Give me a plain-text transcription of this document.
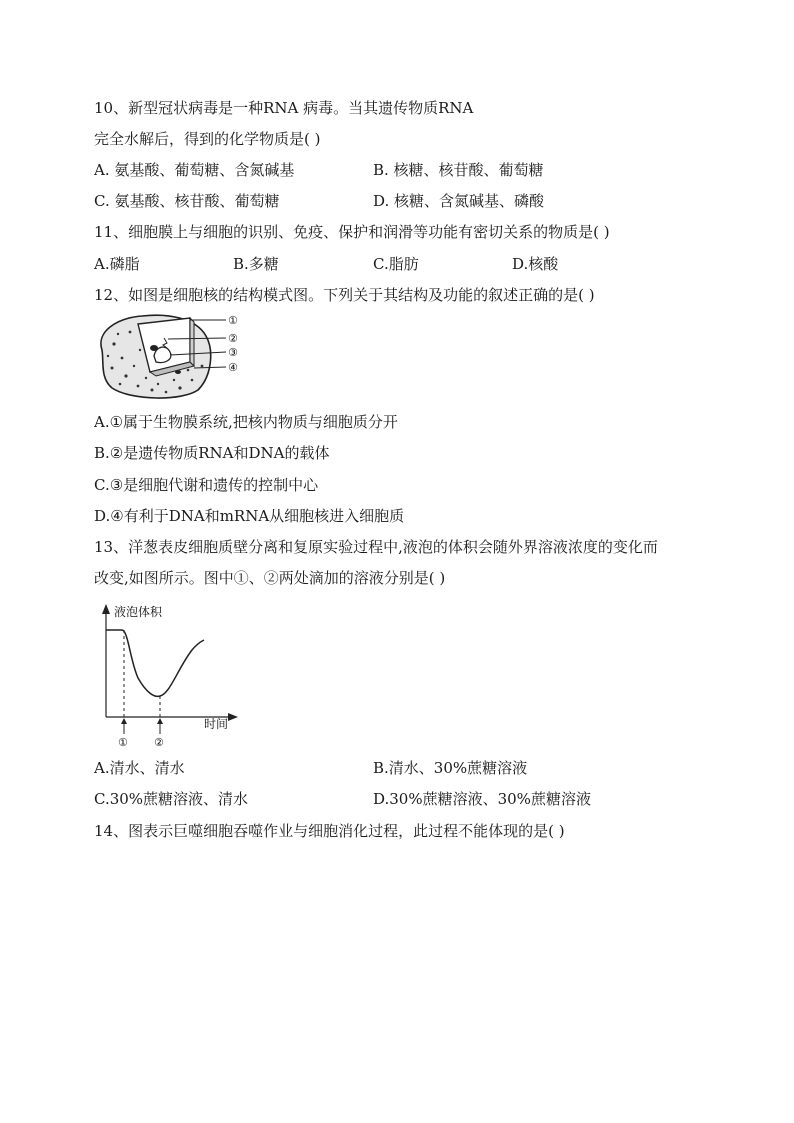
10、新型冠状病毒是一种RNA 病毒。当其遗传物质RNA
完全水解后，得到的化学物质是( )
A. 氨基酸、葡萄糖、含氮碱基	B. 核糖、核苷酸、葡萄糖
C. 氨基酸、核苷酸、葡萄糖	D. 核糖、含氮碱基、磷酸
11、细胞膜上与细胞的识别、免疫、保护和润滑等功能有密切关系的物质是( )
A.磷脂	B.多糖	C.脂肪	D.核酸
12、如图是细胞核的结构模式图。下列关于其结构及功能的叙述正确的是( )
①
②
③
④
A.①属于生物膜系统,把核内物质与细胞质分开
B.②是遗传物质RNA和DNA的载体
C.③是细胞代谢和遗传的控制中心
D.④有利于DNA和mRNA从细胞核进入细胞质
13、洋葱表皮细胞质壁分离和复原实验过程中,液泡的体积会随外界溶液浓度的变化而
改变,如图所示。图中①、②两处滴加的溶液分别是( )
液泡体积
时间
① ②
A.清水、清水	B.清水、30%蔗糖溶液
C.30%蔗糖溶液、清水	D.30%蔗糖溶液、30%蔗糖溶液
14、图表示巨噬细胞吞噬作业与细胞消化过程，此过程不能体现的是( )
